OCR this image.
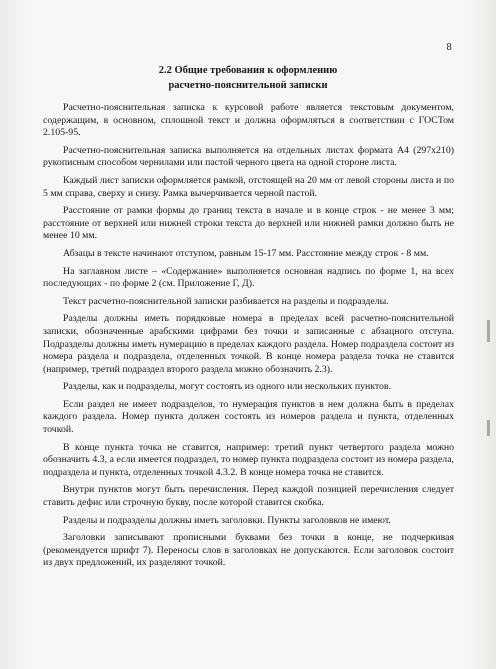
8
2.2 Общие требования к оформлению
расчетно-пояснительной записки

Расчетно-пояснительная записка к курсовой работе является текстовым документом, содержащим, в основном, сплошной текст и должна оформляться в соответствии с ГОСТом 2.105-95.

Расчетно-пояснительная записка выполняется на отдельных листах формата А4 (297х210) рукописным способом чернилами или пастой черного цвета на одной стороне листа.

Каждый лист записки оформляется рамкой, отстоящей на 20 мм от левой стороны листа и по 5 мм справа, сверху и снизу. Рамка вычерчивается черной пастой.

Расстояние от рамки формы до границ текста в начале и в конце строк - не менее 3 мм; расстояние от верхней или нижней строки текста до верхней или нижней рамки должно быть не менее 10 мм.

Абзацы в тексте начинают отступом, равным 15-17 мм. Расстояние между строк - 8 мм.

На заглавном листе – «Содержание» выполняется основная надпись по форме 1, на всех последующих - по форме 2 (см. Приложение Г, Д).

Текст расчетно-пояснительной записки разбивается на разделы и подразделы.

Разделы должны иметь порядковые номера в пределах всей расчетно-пояснительной записки, обозначенные арабскими цифрами без точки и записанные с абзацного отступа. Подразделы должны иметь нумерацию в пределах каждого раздела. Номер подраздела состоит из номера раздела и подраздела, отделенных точкой. В конце номера раздела точка не ставится (например, третий подраздел второго раздела можно обозначить 2.3).

Разделы, как и подразделы, могут состоять из одного или нескольких пунктов.

Если раздел не имеет подразделов, то нумерация пунктов в нем должна быть в пределах каждого раздела. Номер пункта должен состоять из номеров раздела и пункта, отделенных точкой.

В конце пункта точка не ставится, например: третий пункт четвертого раздела можно обозначить 4.3, а если имеется подраздел, то номер пункта подраздела состоит из номера раздела, подраздела и пункта, отделенных точкой 4.3.2. В конце номера точка не ставится.

Внутри пунктов могут быть перечисления. Перед каждой позицией перечисления следует ставить дефис или строчную букву, после которой ставится скобка.

Разделы и подразделы должны иметь заголовки. Пункты заголовков не имеют.

Заголовки записывают прописными буквами без точки в конце, не подчеркивая (рекомендуется шрифт 7). Переносы слов в заголовках не допускаются. Если заголовок состоит из двух предложений, их разделяют точкой.
